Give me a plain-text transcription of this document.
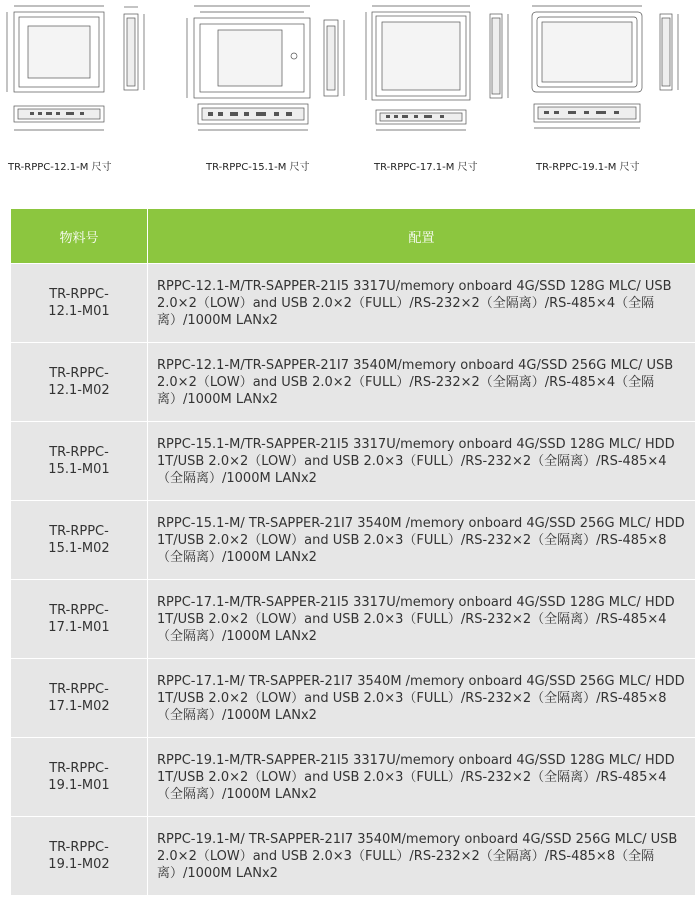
TR-RPPC-12.1-M 尺寸	TR-RPPC-15.1-M 尺寸	TR-RPPC-17.1-M 尺寸	TR-RPPC-19.1-M 尺寸
物料号	配置
TR-RPPC-
12.1-M01	RPPC-12.1-M/TR-SAPPER-21I5 3317U/memory onboard 4G/SSD 128G MLC/ USB 2.0×2（LOW）and USB 2.0×2（FULL）/RS-232×2（全隔离）/RS-485×4（全隔离）/1000M LANx2
TR-RPPC-
12.1-M02	RPPC-12.1-M/TR-SAPPER-21I7 3540M/memory onboard 4G/SSD 256G MLC/ USB 2.0×2（LOW）and USB 2.0×2（FULL）/RS-232×2（全隔离）/RS-485×4（全隔离）/1000M LANx2
TR-RPPC-
15.1-M01	RPPC-15.1-M/TR-SAPPER-21I5 3317U/memory onboard 4G/SSD 128G MLC/ HDD 1T/USB 2.0×2（LOW）and USB 2.0×3（FULL）/RS-232×2（全隔离）/RS-485×4（全隔离）/1000M LANx2
TR-RPPC-
15.1-M02	RPPC-15.1-M/ TR-SAPPER-21I7 3540M /memory onboard 4G/SSD 256G MLC/ HDD 1T/USB 2.0×2（LOW）and USB 2.0×3（FULL）/RS-232×2（全隔离）/RS-485×8（全隔离）/1000M LANx2
TR-RPPC-
17.1-M01	RPPC-17.1-M/TR-SAPPER-21I5 3317U/memory onboard 4G/SSD 128G MLC/ HDD 1T/USB 2.0×2（LOW）and USB 2.0×3（FULL）/RS-232×2（全隔离）/RS-485×4（全隔离）/1000M LANx2
TR-RPPC-
17.1-M02	RPPC-17.1-M/ TR-SAPPER-21I7 3540M /memory onboard 4G/SSD 256G MLC/ HDD 1T/USB 2.0×2（LOW）and USB 2.0×3（FULL）/RS-232×2（全隔离）/RS-485×8（全隔离）/1000M LANx2
TR-RPPC-
19.1-M01	RPPC-19.1-M/TR-SAPPER-21I5 3317U/memory onboard 4G/SSD 128G MLC/ HDD 1T/USB 2.0×2（LOW）and USB 2.0×3（FULL）/RS-232×2（全隔离）/RS-485×4（全隔离）/1000M LANx2
TR-RPPC-
19.1-M02	RPPC-19.1-M/ TR-SAPPER-21I7 3540M/memory onboard 4G/SSD 256G MLC/ USB 2.0×2（LOW）and USB 2.0×3（FULL）/RS-232×2（全隔离）/RS-485×8（全隔离）/1000M LANx2
